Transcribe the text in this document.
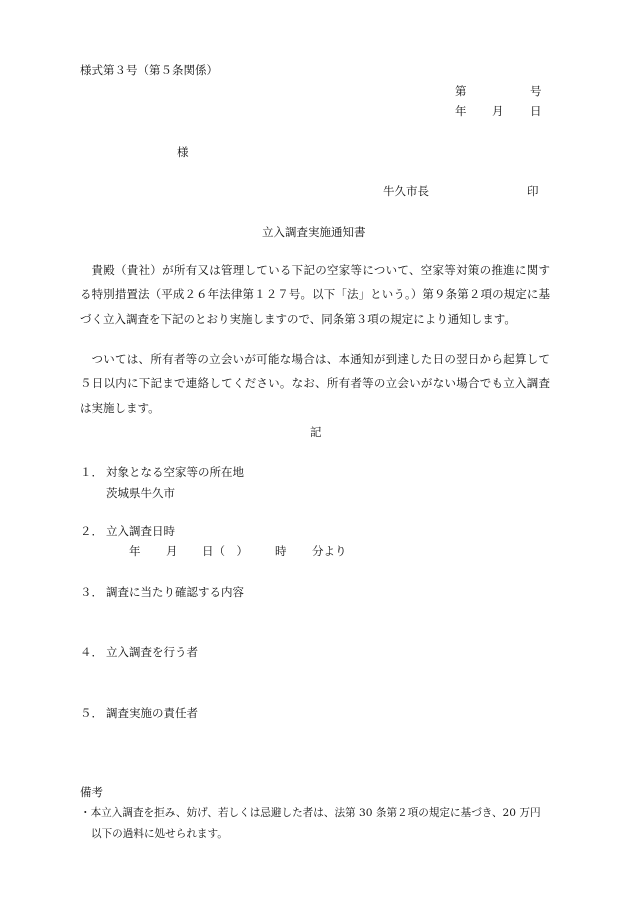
様式第３号（第５条関係）
第	号
年 月 日
様
牛久市長	印
立入調査実施通知書
貴殿（貴社）が所有又は管理している下記の空家等について、空家等対策の推進に関する特別措置法（平成２６年法律第１２７号。以下「法」という。）第９条第２項の規定に基づく立入調査を下記のとおり実施しますので、同条第３項の規定により通知します。
ついては、所有者等の立会いが可能な場合は、本通知が到達した日の翌日から起算して５日以内に下記まで連絡してください。なお、所有者等の立会いがない場合でも立入調査は実施します。
記
１． 対象となる空家等の所在地
茨城県牛久市
２． 立入調査日時
年 月 日（　） 時 分より
３． 調査に当たり確認する内容
４． 立入調査を行う者
５． 調査実施の責任者
備考
・本立入調査を拒み、妨げ、若しくは忌避した者は、法第 30 条第２項の規定に基づき、20 万円
以下の過料に処せられます。
